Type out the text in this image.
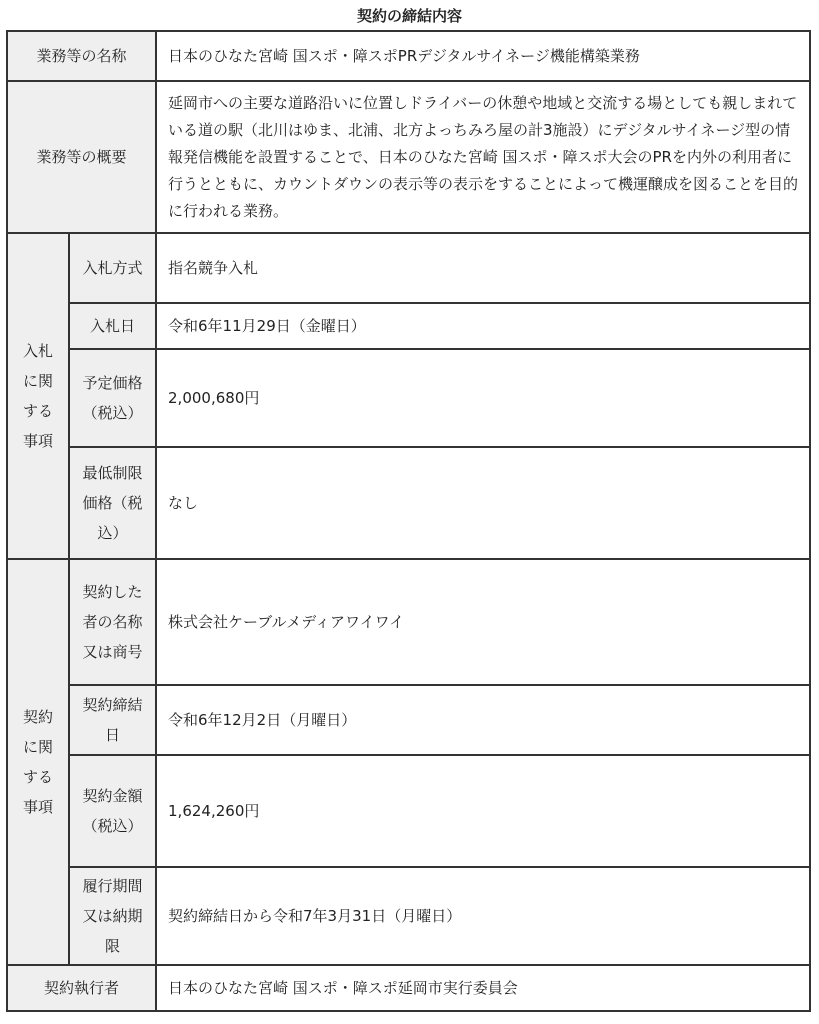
契約の締結内容
業務等の名称		日本のひなた宮崎 国スポ・障スポPRデジタルサイネージ機能構築業務
業務等の概要		延岡市への主要な道路沿いに位置しドライバーの休憩や地域と交流する場としても親しまれている道の駅（北川はゆま、北浦、北方よっちみろ屋の計3施設）にデジタルサイネージ型の情報発信機能を設置することで、日本のひなた宮崎 国スポ・障スポ大会のPRを内外の利用者に行うとともに、カウントダウンの表示等の表示をすることによって機運醸成を図ることを目的に行われる業務。
入札に関する事項	入札方式	指名競争入札
	入札日	令和6年11月29日（金曜日）
	予定価格（税込）	2,000,680円
	最低制限価格（税込）	なし
契約に関する事項	契約した者の名称又は商号	株式会社ケーブルメディアワイワイ
	契約締結日	令和6年12月2日（月曜日）
	契約金額（税込）	1,624,260円
	履行期間又は納期限	契約締結日から令和7年3月31日（月曜日）
契約執行者		日本のひなた宮崎 国スポ・障スポ延岡市実行委員会
